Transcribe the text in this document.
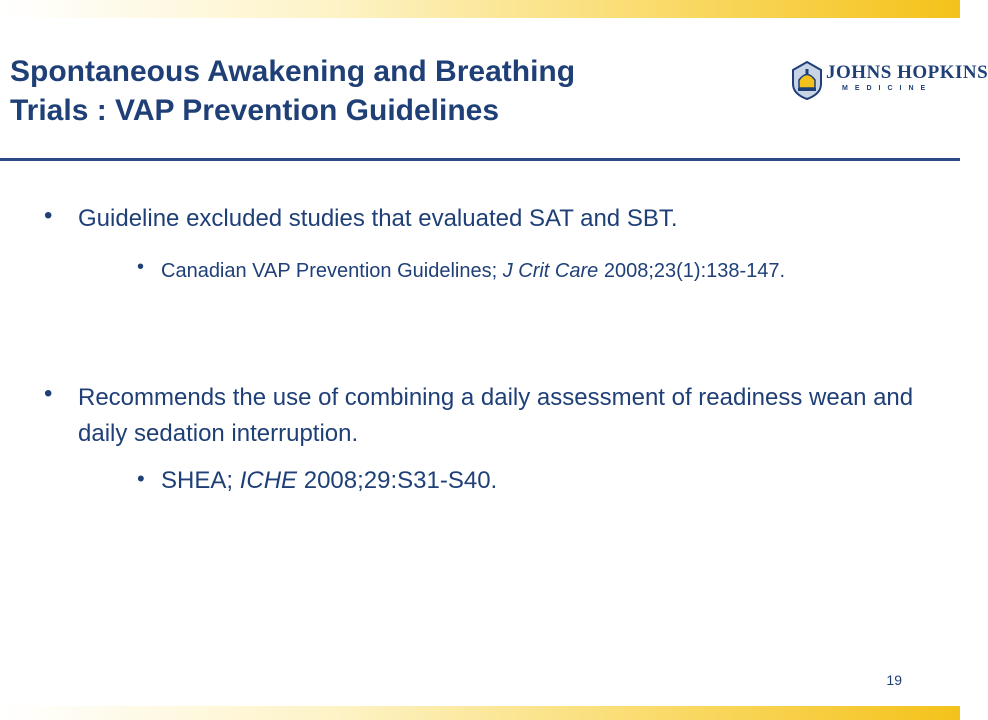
Spontaneous Awakening and Breathing
Trials : VAP Prevention Guidelines
JOHNS HOPKINS
MEDICINE
• Guideline excluded studies that evaluated SAT and SBT.
• Canadian VAP Prevention Guidelines; J Crit Care 2008;23(1):138-147.
• Recommends the use of combining a daily assessment of readiness wean and daily sedation interruption.
• SHEA; ICHE 2008;29:S31-S40.
19
